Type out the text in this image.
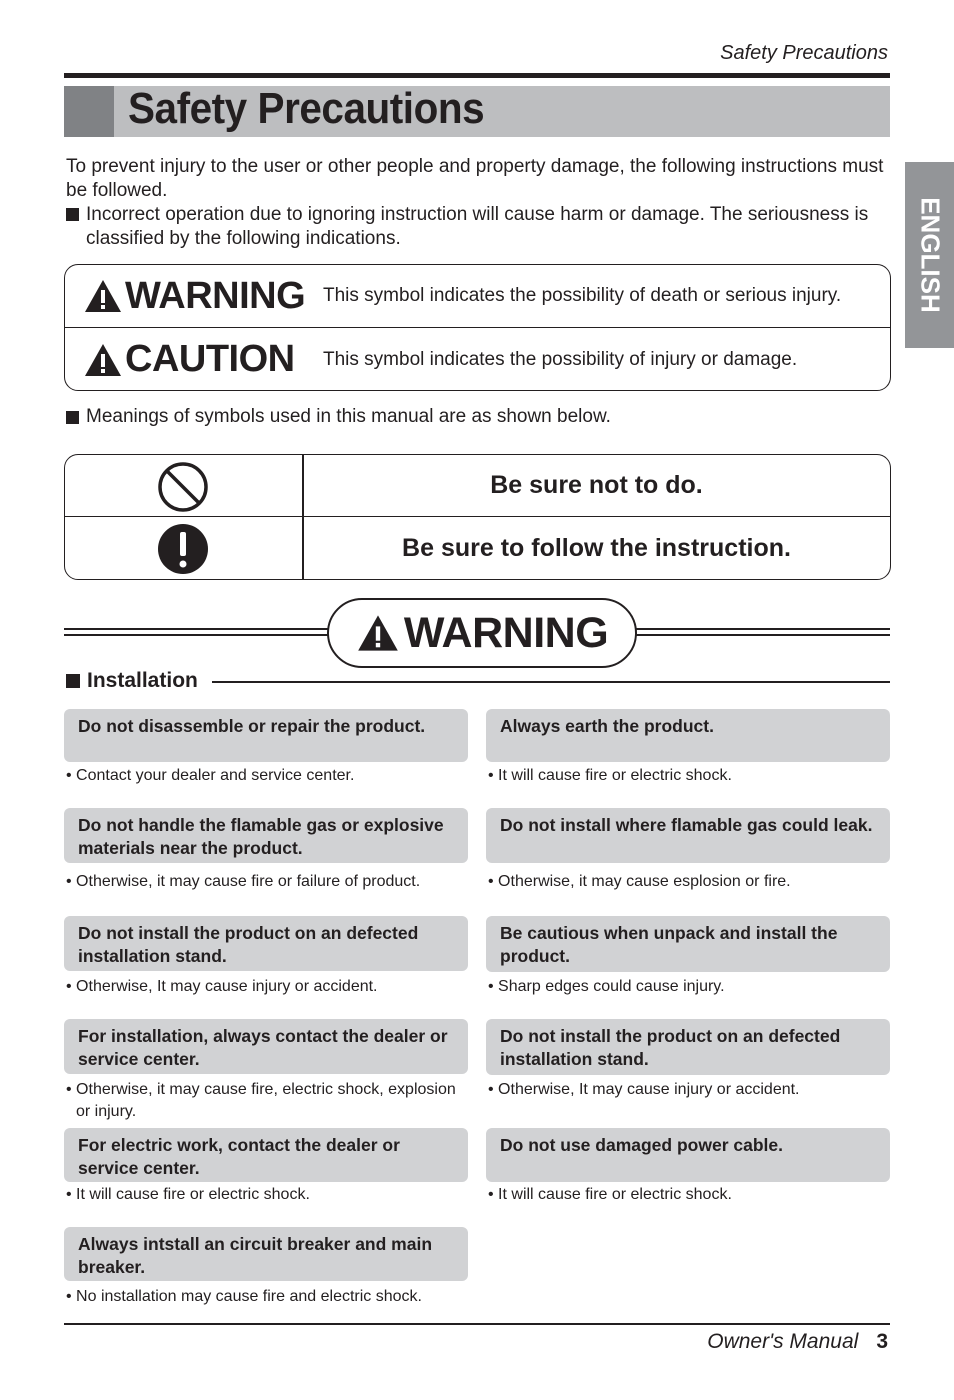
Safety Precautions
Safety Precautions
ENGLISH

To prevent injury to the user or other people and property damage, the following instructions must be followed.

Incorrect operation due to ignoring instruction will cause harm or damage. The seriousness is

classified by the following indications.

WARNING This symbol indicates the possibility of death or serious injury.
CAUTION This symbol indicates the possibility of injury or damage.
Meanings of symbols used in this manual are as shown below.
Be sure not to do.
Be sure to follow the instruction.
WARNING
Installation
Do not disassemble or repair the product.
• Contact your dealer and service center.
Do not handle the flamable gas or explosive materials near the product.
• Otherwise, it may cause fire or failure of product.
Do not install the product on an defected installation stand.
• Otherwise, It may cause injury or accident.
For installation, always contact the dealer or service center.
• Otherwise, it may cause fire, electric shock, explosion or injury.
For electric work, contact the dealer or service center.
• It will cause fire or electric shock.
Always intstall an circuit breaker and main breaker.
• No installation may cause fire and electric shock.
Always earth the product.
• It will cause fire or electric shock.
Do not install where flamable gas could leak.
• Otherwise, it may cause esplosion or fire.
Be cautious when unpack and install the product.
• Sharp edges could cause injury.
Do not install the product on an defected installation stand.
• Otherwise, It may cause injury or accident.
Do not use damaged power cable.
• It will cause fire or electric shock.
Owner's Manual 3
